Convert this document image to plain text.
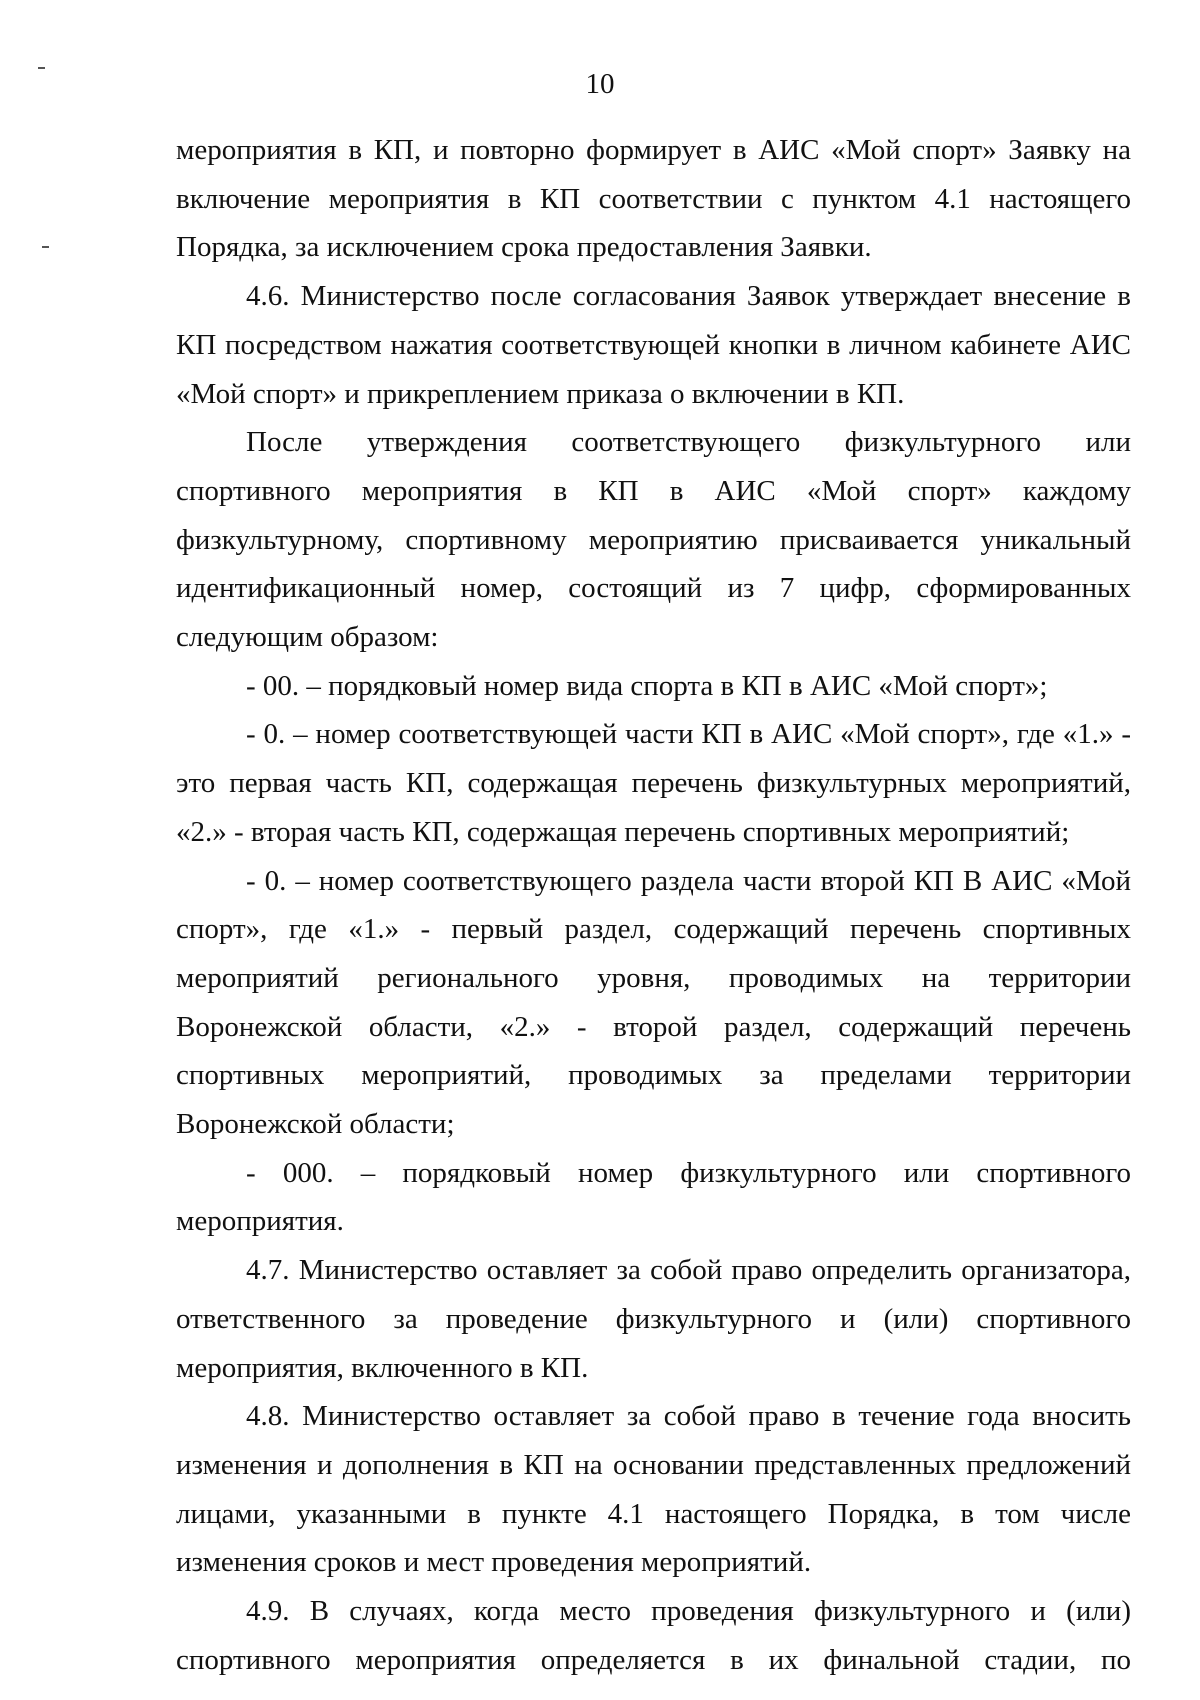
10

мероприятия в КП, и повторно формирует в АИС «Мой спорт» Заявку на включение мероприятия в КП соответствии с пунктом 4.1 настоящего Порядка, за исключением срока предоставления Заявки.

4.6. Министерство после согласования Заявок утверждает внесение в КП посредством нажатия соответствующей кнопки в личном кабинете АИС «Мой спорт» и прикреплением приказа о включении в КП.

После утверждения соответствующего физкультурного или спортивного мероприятия в КП в АИС «Мой спорт» каждому физкультурному, спортивному мероприятию присваивается уникальный идентификационный номер, состоящий из 7 цифр, сформированных следующим образом:

- 00. – порядковый номер вида спорта в КП в АИС «Мой спорт»;

- 0. – номер соответствующей части КП в АИС «Мой спорт», где «1.» - это первая часть КП, содержащая перечень физкультурных мероприятий, «2.» - вторая часть КП, содержащая перечень спортивных мероприятий;

- 0. – номер соответствующего раздела части второй КП В АИС «Мой спорт», где «1.» - первый раздел, содержащий перечень спортивных мероприятий регионального уровня, проводимых на территории Воронежской области, «2.» - второй раздел, содержащий перечень спортивных мероприятий, проводимых за пределами территории Воронежской области;

- 000. – порядковый номер физкультурного или спортивного мероприятия.

4.7. Министерство оставляет за собой право определить организатора, ответственного за проведение физкультурного и (или) спортивного мероприятия, включенного в КП.

4.8. Министерство оставляет за собой право в течение года вносить изменения и дополнения в КП на основании представленных предложений лицами, указанными в пункте 4.1 настоящего Порядка, в том числе изменения сроков и мест проведения мероприятий.

4.9. В случаях, когда место проведения физкультурного и (или) спортивного мероприятия определяется в их финальной стадии, по
